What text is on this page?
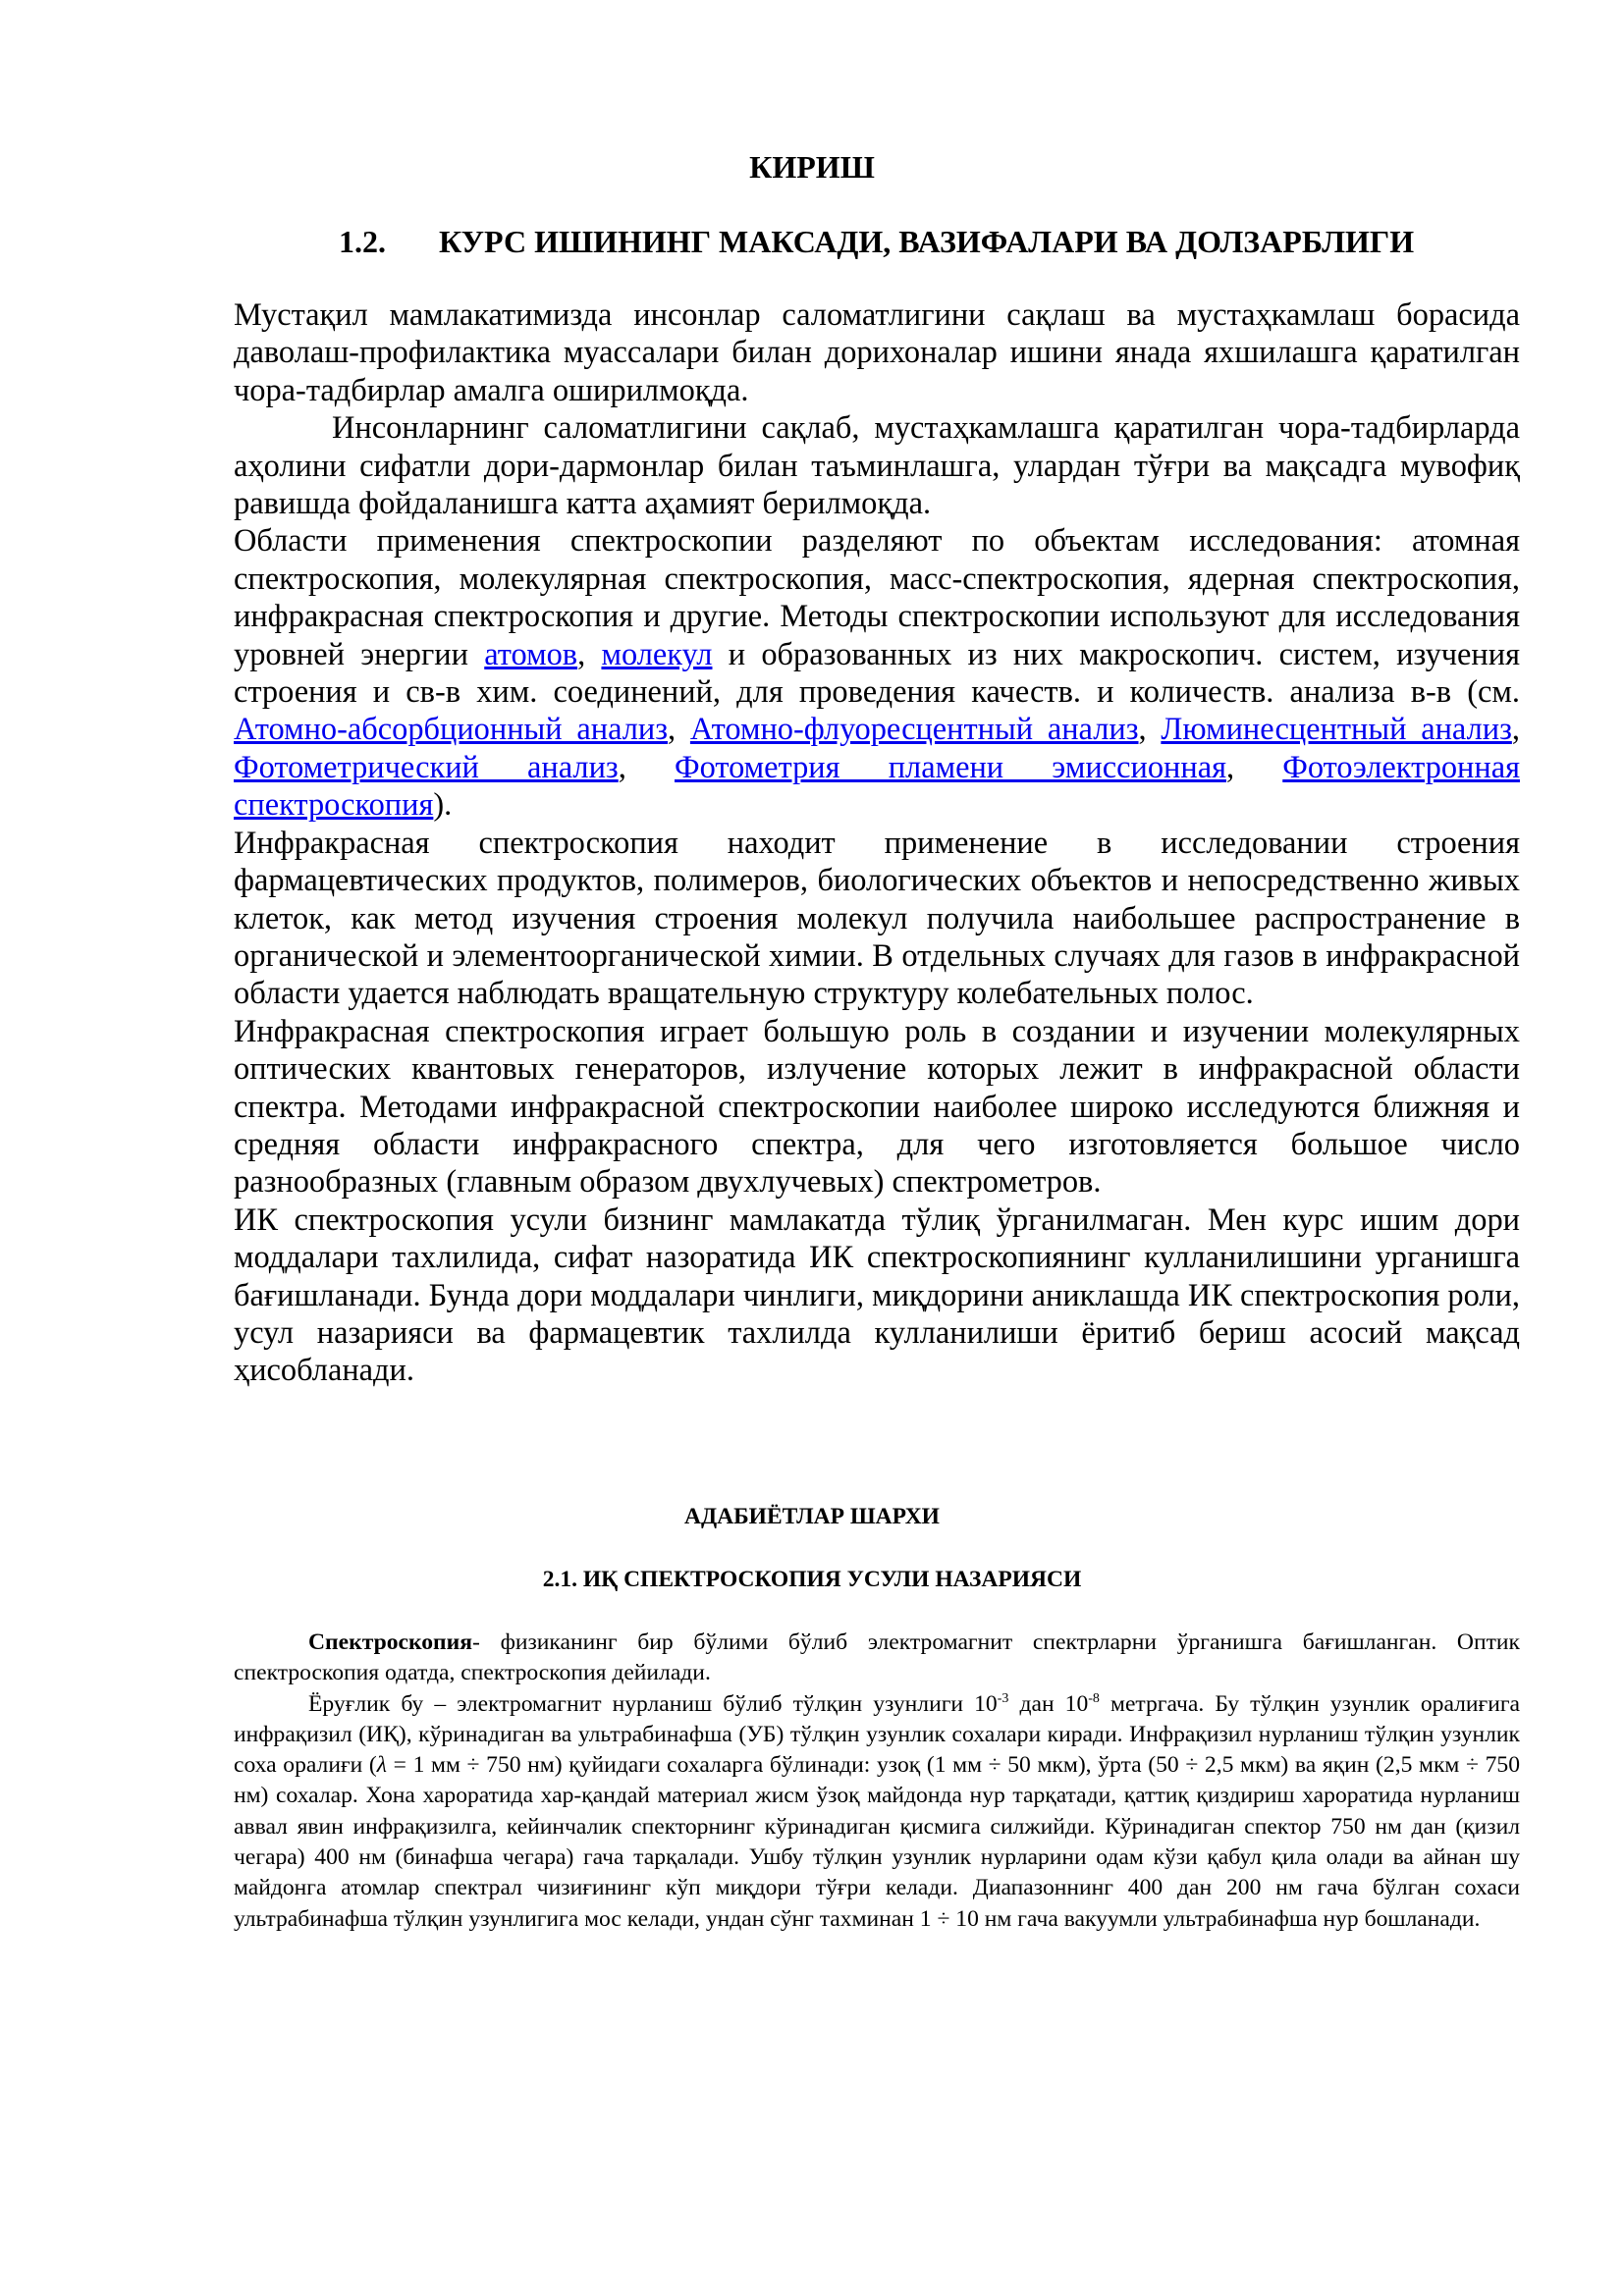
КИРИШ
1.2. КУРС ИШИНИНГ МАКСАДИ, ВАЗИФАЛАРИ ВА ДОЛЗАРБЛИГИ

Мустақил мамлакатимизда инсонлар саломатлигини сақлаш ва мустаҳкамлаш борасида даволаш-профилактика муассалари билан дорихоналар ишини янада яхшилашга қаратилган чора-тадбирлар амалга оширилмоқда.

Инсонларнинг саломатлигини сақлаб, мустаҳкамлашга қаратилган чора-тадбирларда аҳолини сифатли дори-дармонлар билан таъминлашга, улардан тўғри ва мақсадга мувофиқ равишда фойдаланишга катта аҳамият берилмоқда.

Области применения спектроскопии разделяют по объектам исследования: атомная спектроскопия, молекулярная спектроскопия, масс-спектроскопия, ядерная спектроскопия, инфракрасная спектроскопия и другие. Методы спектроскопии используют для исследования уровней энергии атомов, молекул и образованных из них макроскопич. систем, изучения строения и св-в хим. соединений, для проведения качеств. и количеств. анализа в-в (см. Атомно-абсорбционный анализ, Атомно-флуоресцентный анализ, Люминесцентный анализ, Фотометрический анализ, Фотометрия пламени эмиссионная, Фотоэлектронная спектроскопия).

Инфракрасная спектроскопия находит применение в исследовании строения фармацевтических продуктов, полимеров, биологических объектов и непосредственно живых клеток, как метод изучения строения молекул получила наибольшее распространение в органической и элементоорганической химии. В отдельных случаях для газов в инфракрасной области удается наблюдать вращательную структуру колебательных полос.

Инфракрасная спектроскопия играет большую роль в создании и изучении молекулярных оптических квантовых генераторов, излучение которых лежит в инфракрасной области спектра. Методами инфракрасной спектроскопии наиболее широко исследуются ближняя и средняя области инфракрасного спектра, для чего изготовляется большое число разнообразных (главным образом двухлучевых) спектрометров.

ИК спектроскопия усули бизнинг мамлакатда тўлиқ ўрганилмаган. Мен курс ишим дори моддалари тахлилида, сифат назоратида ИК спектроскопиянинг кулланилишини урганишга бағишланади. Бунда дори моддалари чинлиги, миқдорини аниклашда ИК спектроскопия роли, усул назарияси ва фармацевтик тахлилда кулланилиши ёритиб бериш асосий мақсад ҳисобланади.

АДАБИЁТЛАР ШАРХИ
2.1. ИҚ СПЕКТРОСКОПИЯ УСУЛИ НАЗАРИЯСИ

Спектроскопия- физиканинг бир бўлими бўлиб электромагнит спектрларни ўрганишга бағишланган. Оптик спектроскопия одатда, спектроскопия дейилади.

Ёруғлик бу – электромагнит нурланиш бўлиб тўлқин узунлиги $10^{-3}$ дан $10^{-8}$ метргача. Бу тўлқин узунлик оралиғига инфрақизил (ИҚ), кўринадиган ва ультрабинафша (УБ) тўлқин узунлик сохалари киради. Инфрақизил нурланиш тўлқин узунлик соха оралиғи (λ = 1 мм ÷ 750 нм) қуйидаги сохаларга бўлинади: узоқ (1 мм ÷ 50 мкм), ўрта (50 ÷ 2,5 мкм) ва яқин (2,5 мкм ÷ 750 нм) сохалар. Хона хароратида хар-қандай материал жисм ўзоқ майдонда нур тарқатади, қаттиқ қиздириш хароратида нурланиш аввал явин инфрақизилга, кейинчалик спекторнинг кўринадиган қисмига силжийди. Кўринадиган спектор 750 нм дан (қизил чегара) 400 нм (бинафша чегара) гача тарқалади. Ушбу тўлқин узунлик нурларини одам кўзи қабул қила олади ва айнан шу майдонга атомлар спектрал чизиғининг кўп миқдори тўғри келади. Диапазоннинг 400 дан 200 нм гача бўлган сохаси ультрабинафша тўлқин узунлигига мос келади, ундан сўнг тахминан 1 ÷ 10 нм гача вакуумли ультрабинафша нур бошланади.
